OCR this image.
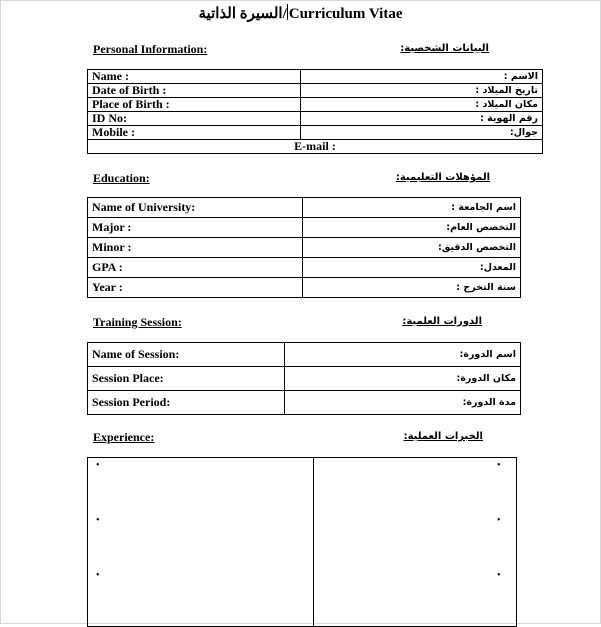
السيرة الذاتية/ Curriculum Vitae
Personal Information:	البيانات الشخصية:
Name :	الاسم :
Date of Birth :	تاريخ الميلاد :
Place of Birth :	مكان الميلاد :
ID No:	رقم الهوية :
Mobile :	جوال:
E-mail :	
Education:	المؤهلات التعليمية:
Name of University:	اسم الجامعة :
Major :	التخصص العام:
Minor :	التخصص الدقيق:
GPA :	المعدل:
Year :	سنة التخرج :
Training Session:	الدورات العلمية:
Name of Session:	اسم الدورة:
Session Place:	مكان الدورة:
Session Period:	مدة الدورة:
Experience:	الخبرات العملية:

•
•
•
•
•
•
